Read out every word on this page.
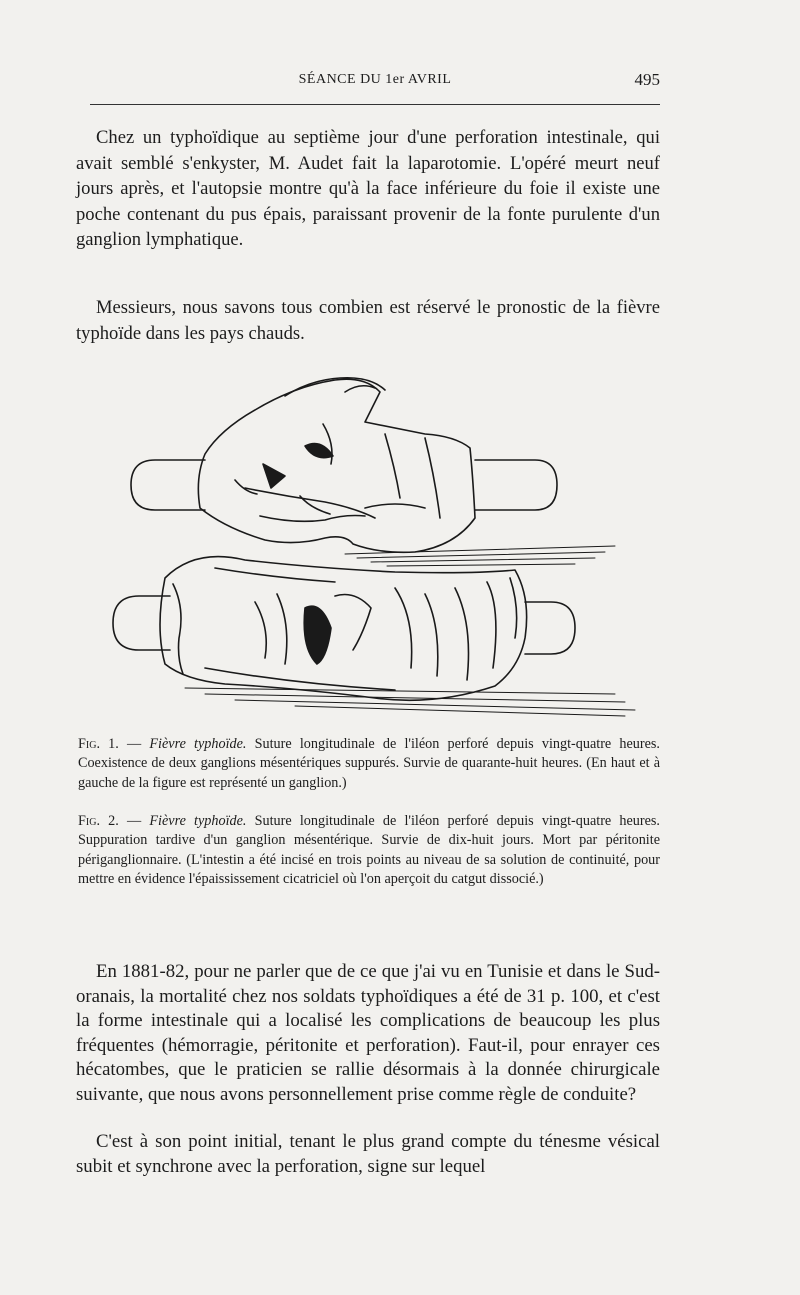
SÉANCE DU 1er AVRIL	495

Chez un typhoïdique au septième jour d'une perforation intestinale, qui avait semblé s'enkyster, M. Audet fait la laparotomie. L'opéré meurt neuf jours après, et l'autopsie montre qu'à la face inférieure du foie il existe une poche contenant du pus épais, paraissant provenir de la fonte purulente d'un ganglion lymphatique.

Messieurs, nous savons tous combien est réservé le pronostic de la fièvre typhoïde dans les pays chauds.

Fig. 1. — Fièvre typhoïde. Suture longitudinale de l'iléon perforé depuis vingt-quatre heures. Coexistence de deux ganglions mésentériques suppurés. Survie de quarante-huit heures. (En haut et à gauche de la figure est représenté un ganglion.)

Fig. 2. — Fièvre typhoïde. Suture longitudinale de l'iléon perforé depuis vingt-quatre heures. Suppuration tardive d'un ganglion mésentérique. Survie de dix-huit jours. Mort par péritonite périganglionnaire. (L'intestin a été incisé en trois points au niveau de sa solution de continuité, pour mettre en évidence l'épaississement cicatriciel où l'on aperçoit du catgut dissocié.)

En 1881-82, pour ne parler que de ce que j'ai vu en Tunisie et dans le Sud-oranais, la mortalité chez nos soldats typhoïdiques a été de 31 p. 100, et c'est la forme intestinale qui a localisé les complications de beaucoup les plus fréquentes (hémorragie, péritonite et perforation). Faut-il, pour enrayer ces hécatombes, que le praticien se rallie désormais à la donnée chirurgicale suivante, que nous avons personnellement prise comme règle de conduite?

C'est à son point initial, tenant le plus grand compte du ténesme vésical subit et synchrone avec la perforation, signe sur lequel
